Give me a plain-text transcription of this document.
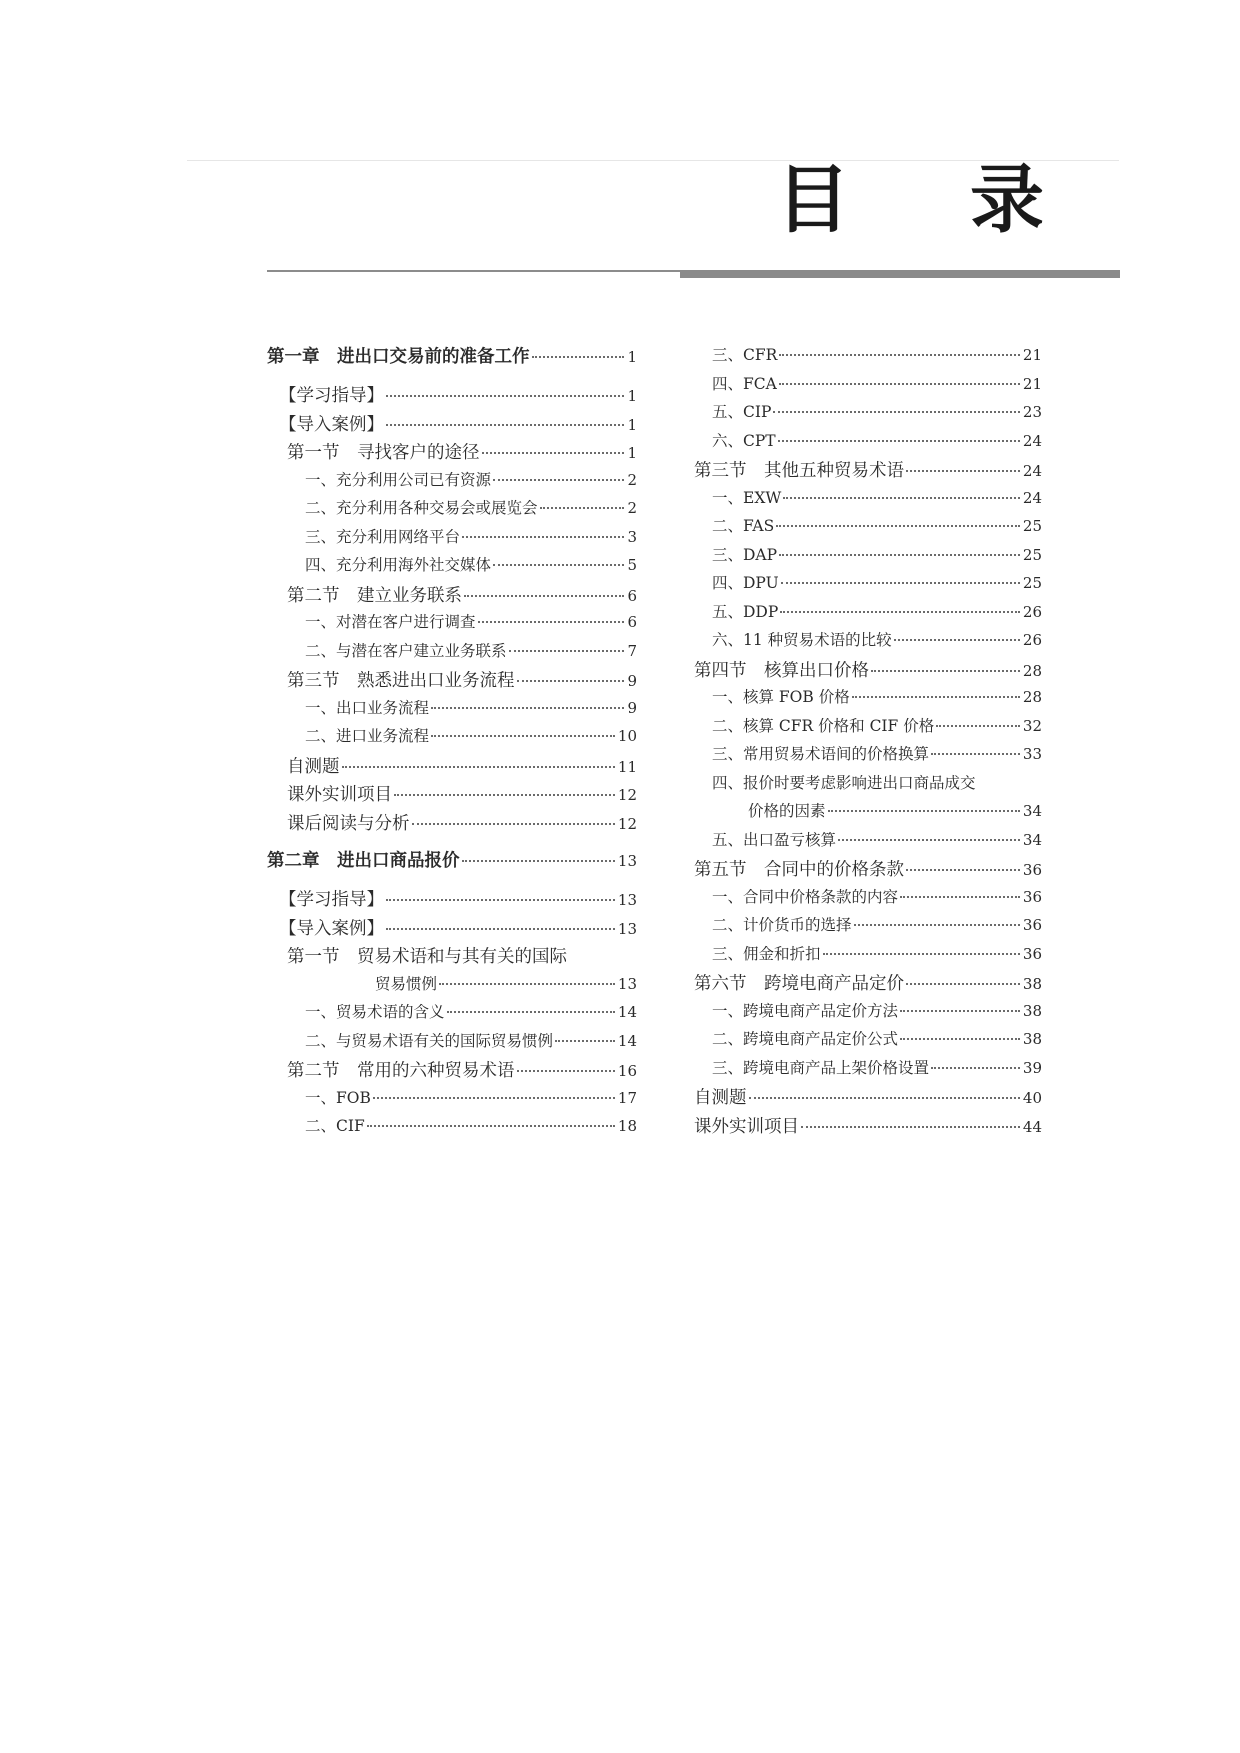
目 录
第一章　进出口交易前的准备工作	1
【学习指导】	1
【导入案例】	1
第一节　寻找客户的途径	1
一、充分利用公司已有资源	2
二、充分利用各种交易会或展览会	2
三、充分利用网络平台	3
四、充分利用海外社交媒体	5
第二节　建立业务联系	6
一、对潜在客户进行调查	6
二、与潜在客户建立业务联系	7
第三节　熟悉进出口业务流程	9
一、出口业务流程	9
二、进口业务流程	10
自测题	11
课外实训项目	12
课后阅读与分析	12
第二章　进出口商品报价	13
【学习指导】	13
【导入案例】	13
第一节　贸易术语和与其有关的国际
贸易惯例	13
一、贸易术语的含义	14
二、与贸易术语有关的国际贸易惯例	14
第二节　常用的六种贸易术语	16
一、FOB	17
二、CIF	18
三、CFR	21
四、FCA	21
五、CIP	23
六、CPT	24
第三节　其他五种贸易术语	24
一、EXW	24
二、FAS	25
三、DAP	25
四、DPU	25
五、DDP	26
六、11 种贸易术语的比较	26
第四节　核算出口价格	28
一、核算 FOB 价格	28
二、核算 CFR 价格和 CIF 价格	32
三、常用贸易术语间的价格换算	33
四、报价时要考虑影响进出口商品成交
价格的因素	34
五、出口盈亏核算	34
第五节　合同中的价格条款	36
一、合同中价格条款的内容	36
二、计价货币的选择	36
三、佣金和折扣	36
第六节　跨境电商产品定价	38
一、跨境电商产品定价方法	38
二、跨境电商产品定价公式	38
三、跨境电商产品上架价格设置	39
自测题	40
课外实训项目	44
